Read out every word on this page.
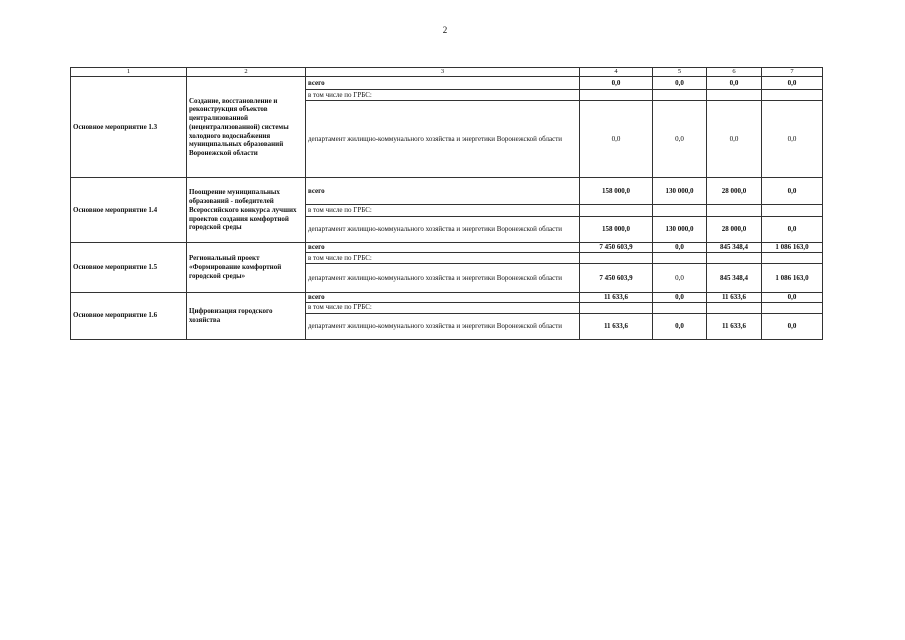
2
1	2	3	4	5	6	7
Основное мероприятие 1.3	Создание, восстановление и реконструкция объектов централизованной (нецентрализованной) системы холодного водоснабжения муниципальных образований Воронежской области	всего	0,0	0,0	0,0	0,0
		в том числе по ГРБС:				
		департамент жилищно-коммунального хозяйства и энергетики Воронежской области	0,0	0,0	0,0	0,0
Основное мероприятие 1.4	Поощрение муниципальных образований - победителей Всероссийского конкурса лучших проектов создания комфортной городской среды	всего	158 000,0	130 000,0	28 000,0	0,0
		в том числе по ГРБС:				
		департамент жилищно-коммунального хозяйства и энергетики Воронежской области	158 000,0	130 000,0	28 000,0	0,0
Основное мероприятие 1.5	Региональный проект «Формирование комфортной городской среды»	всего	7 450 603,9	0,0	845 348,4	1 086 163,0
		в том числе по ГРБС:				
		департамент жилищно-коммунального хозяйства и энергетики Воронежской области	7 450 603,9	0,0	845 348,4	1 086 163,0
Основное мероприятие 1.6	Цифровизация городского хозяйства	всего	11 633,6	0,0	11 633,6	0,0
		в том числе по ГРБС:				
		департамент жилищно-коммунального хозяйства и энергетики Воронежской области	11 633,6	0,0	11 633,6	0,0
